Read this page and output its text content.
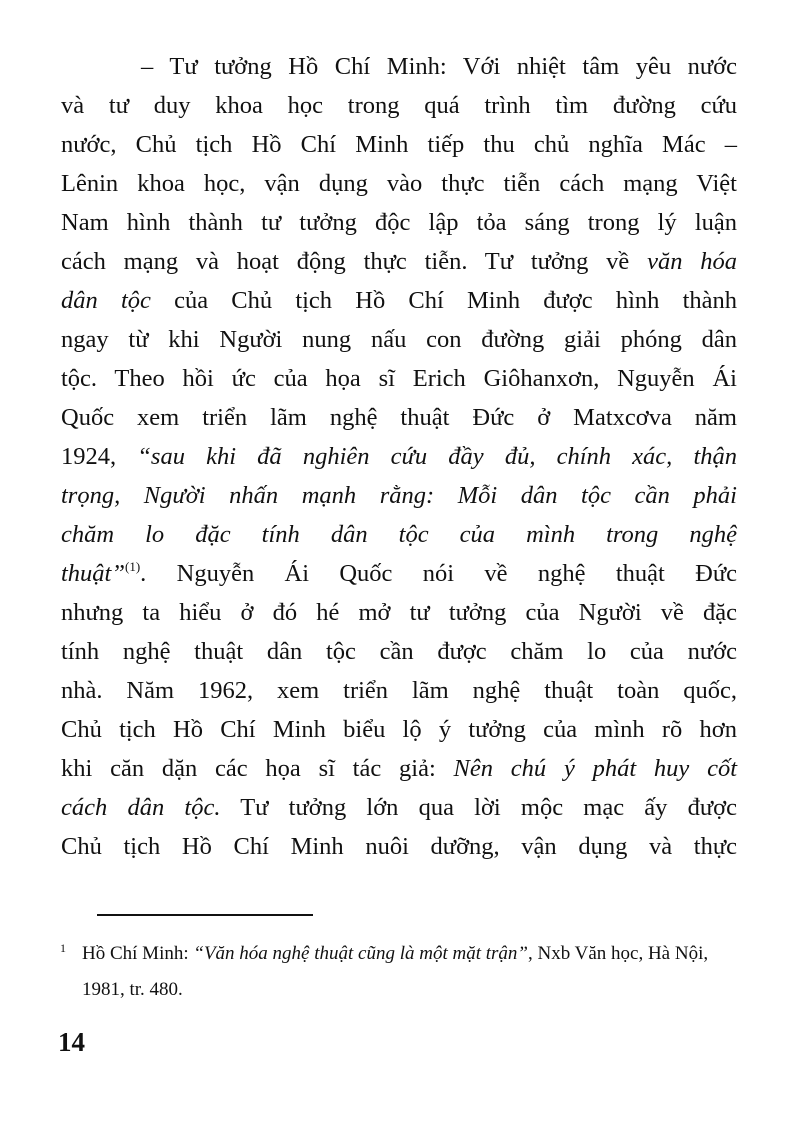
– Tư tưởng Hồ Chí Minh: Với nhiệt tâm yêu nước
và tư duy khoa học trong quá trình tìm đường cứu
nước, Chủ tịch Hồ Chí Minh tiếp thu chủ nghĩa Mác –
Lênin khoa học, vận dụng vào thực tiễn cách mạng Việt
Nam hình thành tư tưởng độc lập tỏa sáng trong lý luận
cách mạng và hoạt động thực tiễn. Tư tưởng về văn hóa
dân tộc của Chủ tịch Hồ Chí Minh được hình thành
ngay từ khi Người nung nấu con đường giải phóng dân
tộc. Theo hồi ức của họa sĩ Erich Giôhanxơn, Nguyễn Ái
Quốc xem triển lãm nghệ thuật Đức ở Matxcơva năm
1924, “sau khi đã nghiên cứu đầy đủ, chính xác, thận
trọng, Người nhấn mạnh rằng: Mỗi dân tộc cần phải
chăm lo đặc tính dân tộc của mình trong nghệ
thuật”$^{(1)}$. Nguyễn Ái Quốc nói về nghệ thuật Đức
nhưng ta hiểu ở đó hé mở tư tưởng của Người về đặc
tính nghệ thuật dân tộc cần được chăm lo của nước
nhà. Năm 1962, xem triển lãm nghệ thuật toàn quốc,
Chủ tịch Hồ Chí Minh biểu lộ ý tưởng của mình rõ hơn
khi căn dặn các họa sĩ tác giả: Nên chú ý phát huy cốt
cách dân tộc. Tư tưởng lớn qua lời mộc mạc ấy được
Chủ tịch Hồ Chí Minh nuôi dưỡng, vận dụng và thực
1 Hồ Chí Minh: “Văn hóa nghệ thuật cũng là một mặt trận”, Nxb Văn học, Hà Nội, 1981, tr. 480.
14
